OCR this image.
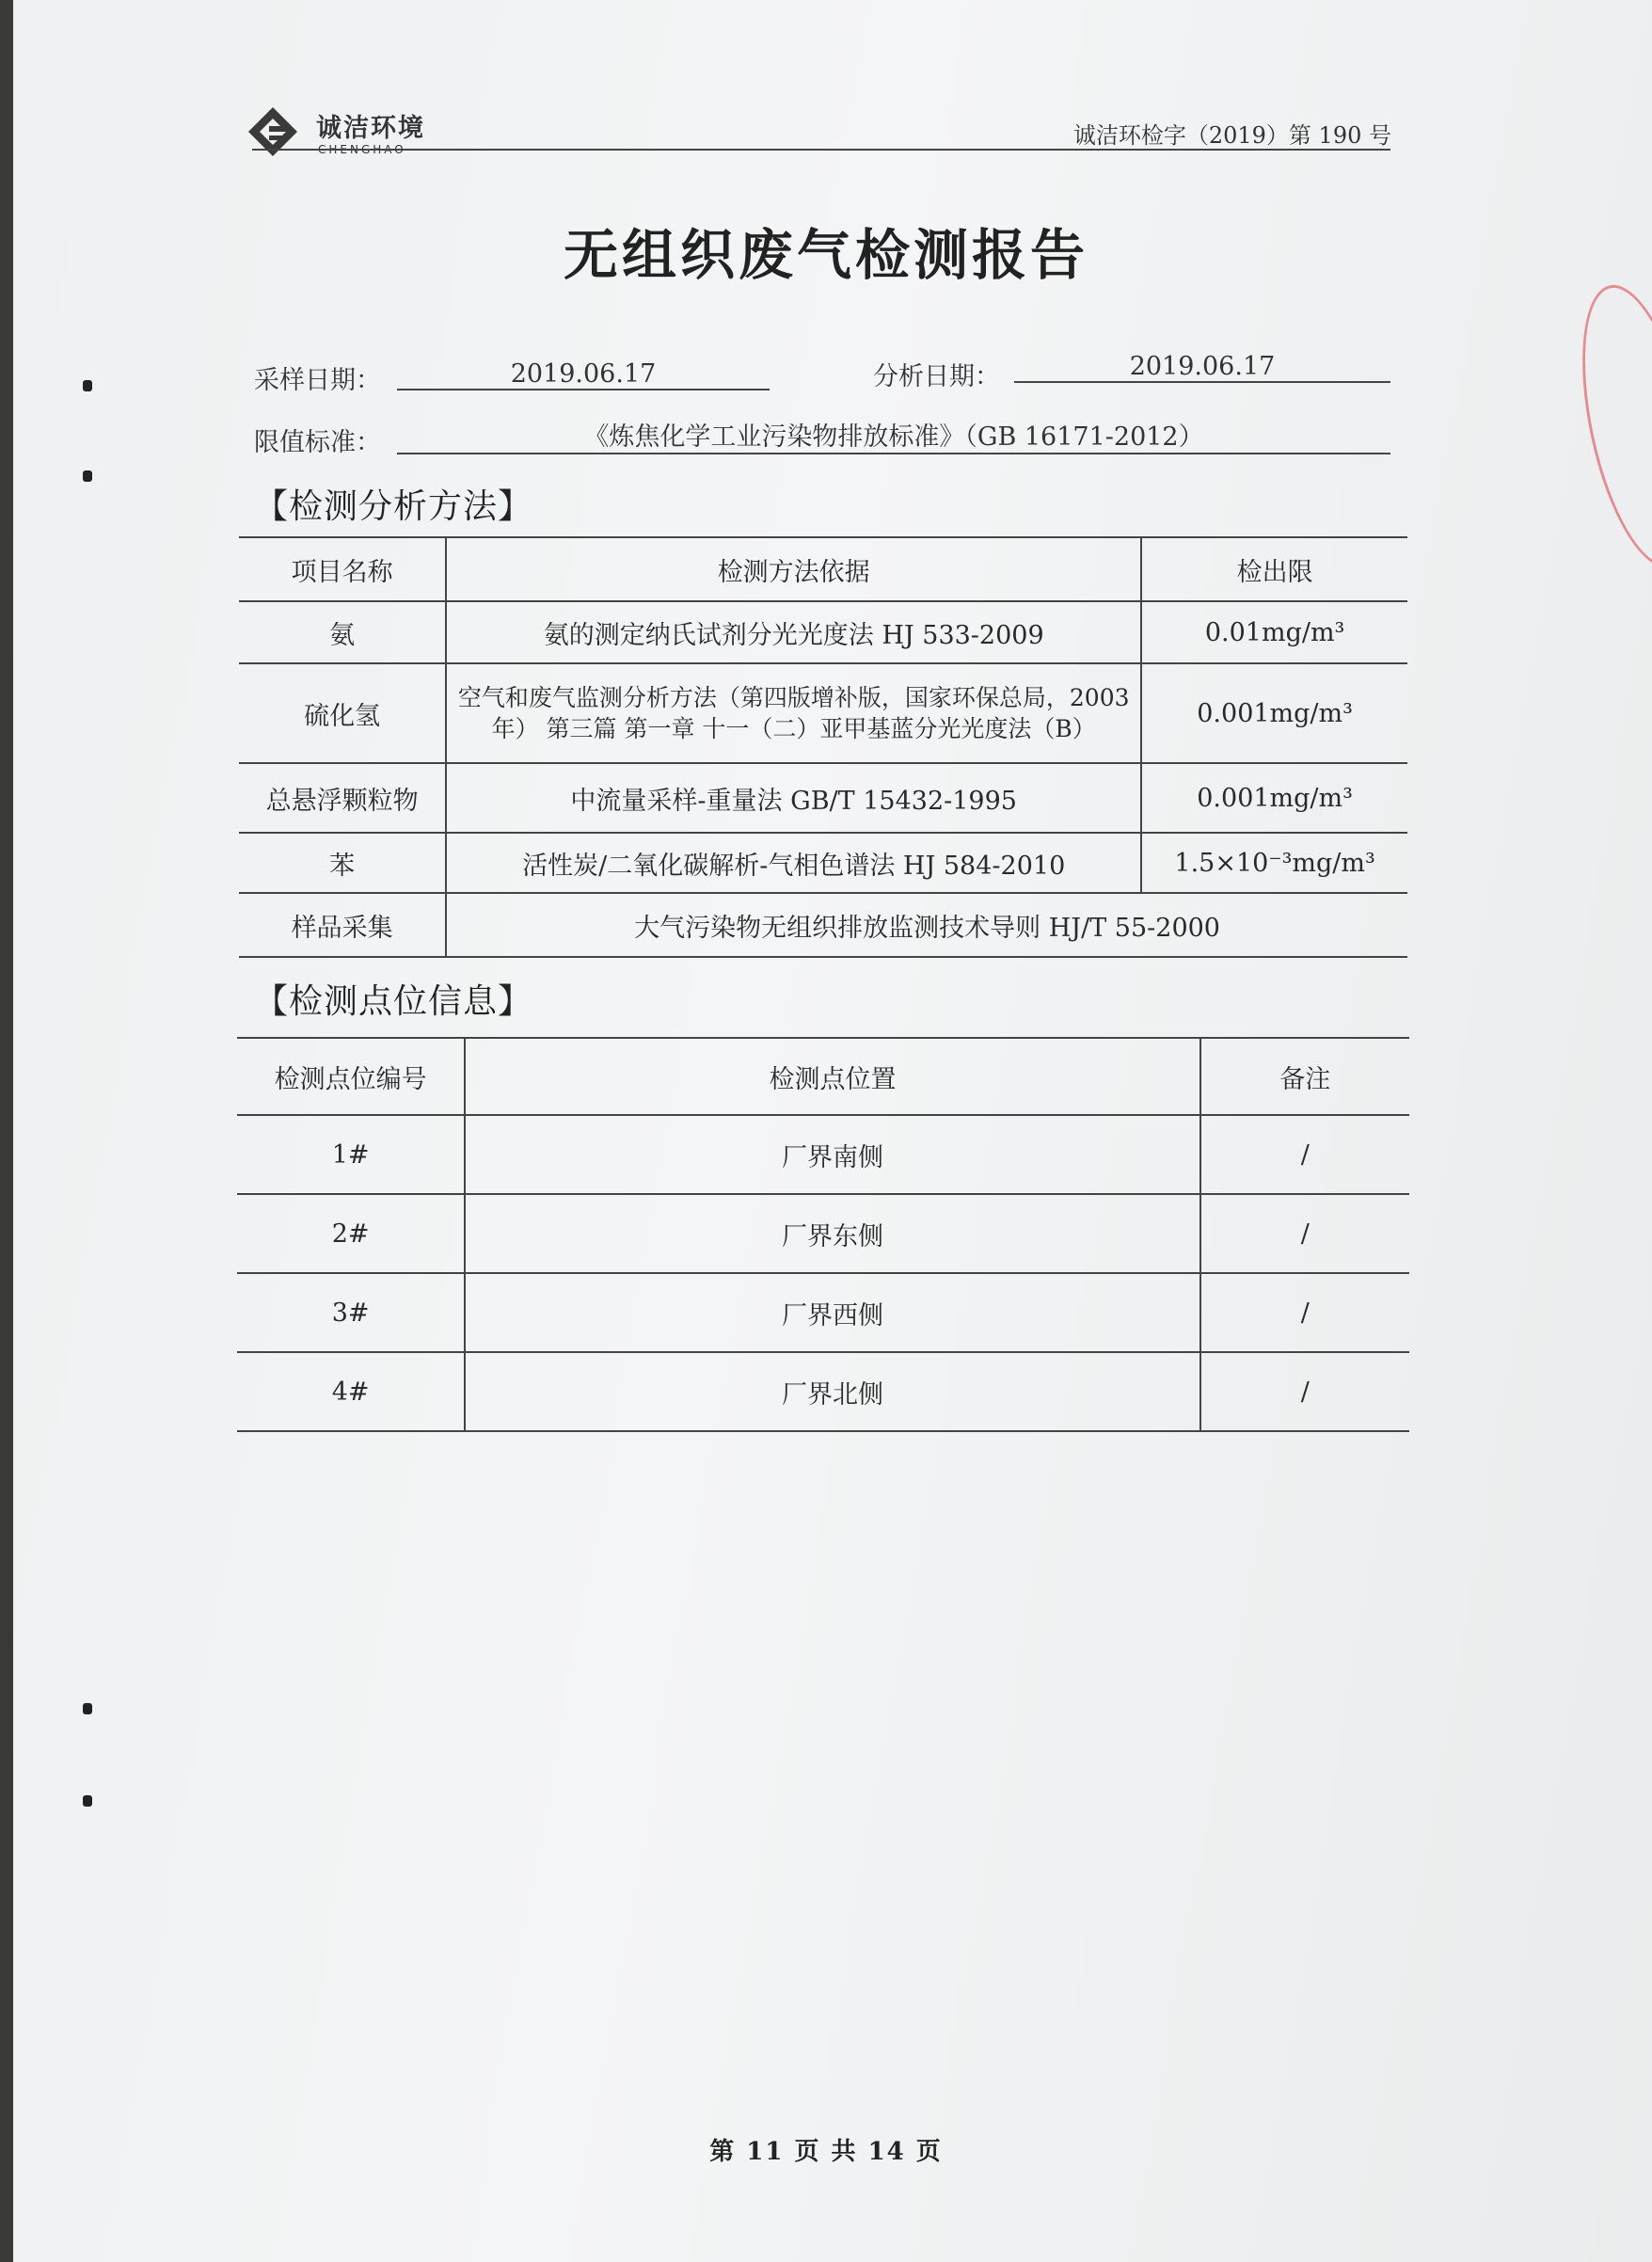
诚洁环境
CHENGHAO
诚洁环检字（2019）第 190 号
无组织废气检测报告
采样日期：	2019.06.17	分析日期：	2019.06.17
限值标准：	《炼焦化学工业污染物排放标准》（GB 16171-2012）
【检测分析方法】
项目名称	检测方法依据	检出限
氨	氨的测定纳氏试剂分光光度法 HJ 533-2009	0.01mg/m³
硫化氢	空气和废气监测分析方法（第四版增补版，国家环保总局，2003 年） 第三篇 第一章 十一（二）亚甲基蓝分光光度法（B）	0.001mg/m³
总悬浮颗粒物	中流量采样-重量法 GB/T 15432-1995	0.001mg/m³
苯	活性炭/二氧化碳解析-气相色谱法 HJ 584-2010	1.5×10⁻³mg/m³
样品采集	大气污染物无组织排放监测技术导则 HJ/T 55-2000	
【检测点位信息】
检测点位编号	检测点位置	备注
1#	厂界南侧	/
2#	厂界东侧	/
3#	厂界西侧	/
4#	厂界北侧	/
第 11 页 共 14 页
